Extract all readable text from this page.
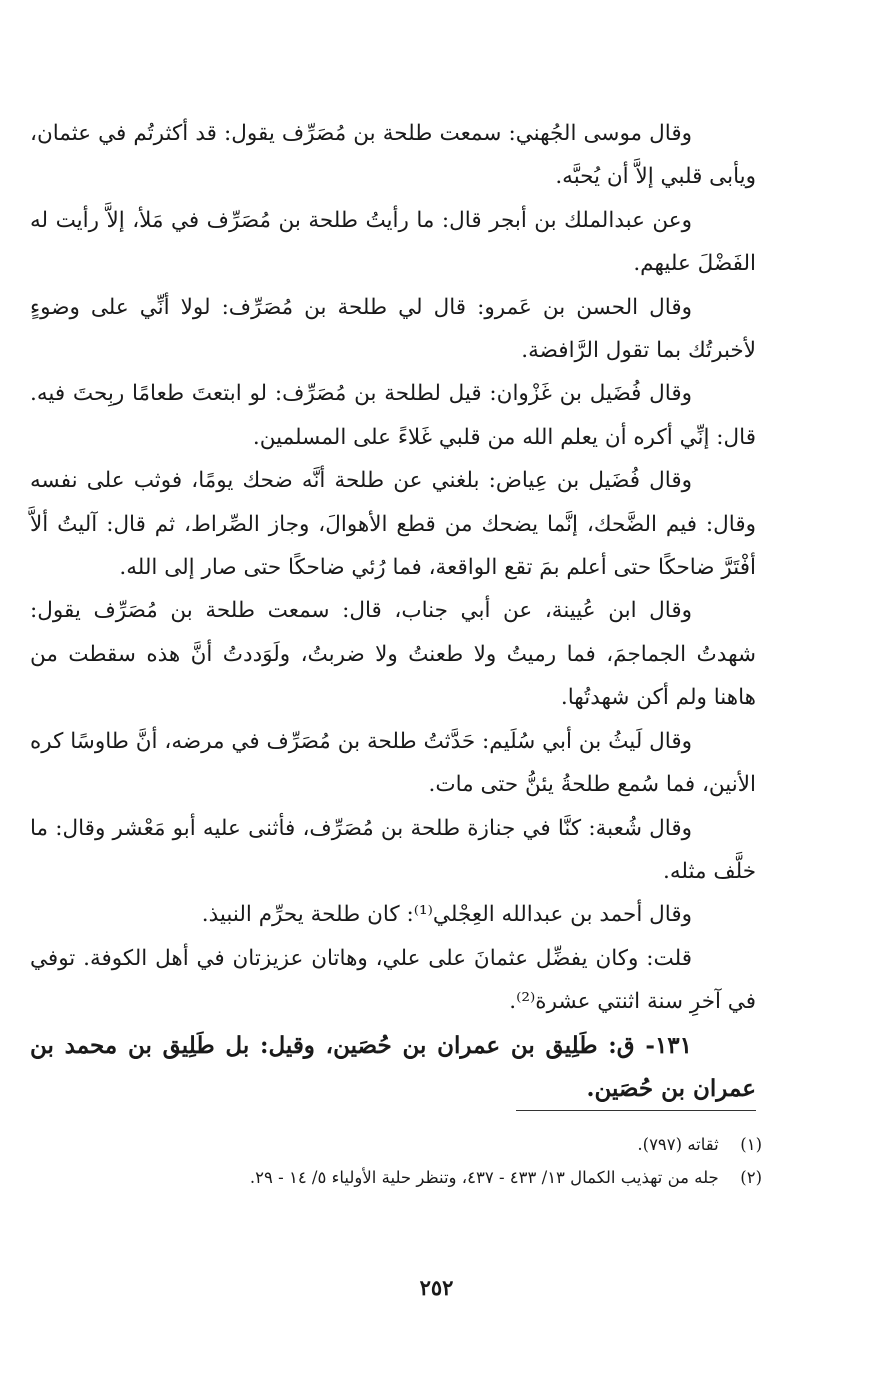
وقال موسى الجُهني: سمعت طلحة بن مُصَرِّف يقول: قد أكثرتُم في عثمان، ويأبى قلبي إلاَّ أن يُحبَّه.

وعن عبدالملك بن أبجر قال: ما رأيتُ طلحة بن مُصَرِّف في مَلأ، إلاَّ رأيت له الفَضْلَ عليهم.

وقال الحسن بن عَمرو: قال لي طلحة بن مُصَرِّف: لولا أنِّي على وضوءٍ لأخبرتُك بما تقول الرَّافضة.

وقال فُضَيل بن غَزْوان: قيل لطلحة بن مُصَرِّف: لو ابتعتَ طعامًا ربِحتَ فيه. قال: إنِّي أكره أن يعلم الله من قلبي غَلاءً على المسلمين.

وقال فُضَيل بن عِياض: بلغني عن طلحة أنَّه ضحك يومًا، فوثب على نفسه وقال: فيم الضَّحك، إنَّما يضحك من قطع الأهوالَ، وجاز الصِّراط، ثم قال: آليتُ ألاَّ أفْتَرَّ ضاحكًا حتى أعلم بمَ تقع الواقعة، فما رُئي ضاحكًا حتى صار إلى الله.

وقال ابن عُيينة، عن أبي جناب، قال: سمعت طلحة بن مُصَرِّف يقول: شهدتُ الجماجمَ، فما رميتُ ولا طعنتُ ولا ضربتُ، ولَوَددتُ أنَّ هذه سقطت من هاهنا ولم أكن شهدتُها.

وقال لَيثُ بن أبي سُلَيم: حَدَّثتُ طلحة بن مُصَرِّف في مرضه، أنَّ طاوسًا كره الأنين، فما سُمع طلحةُ يئنُّ حتى مات.

وقال شُعبة: كنَّا في جنازة طلحة بن مُصَرِّف، فأثنى عليه أبو مَعْشر وقال: ما خلَّف مثله.

وقال أحمد بن عبدالله العِجْلي⁽¹⁾: كان طلحة يحرِّم النبيذ.

قلت: وكان يفضِّل عثمانَ على علي، وهاتان عزيزتان في أهل الكوفة. توفي في آخرِ سنة اثنتي عشرة⁽²⁾.

١٣١- ق: طَلِيق بن عمران بن حُصَين، وقيل: بل طَلِيق بن محمد بن عمران بن حُصَين.

(١) ثقاته (٧٩٧).

(٢) جله من تهذيب الكمال ١٣/ ٤٣٣ - ٤٣٧، وتنظر حلية الأولياء ٥/ ١٤ - ٢٩.

٢٥٢
